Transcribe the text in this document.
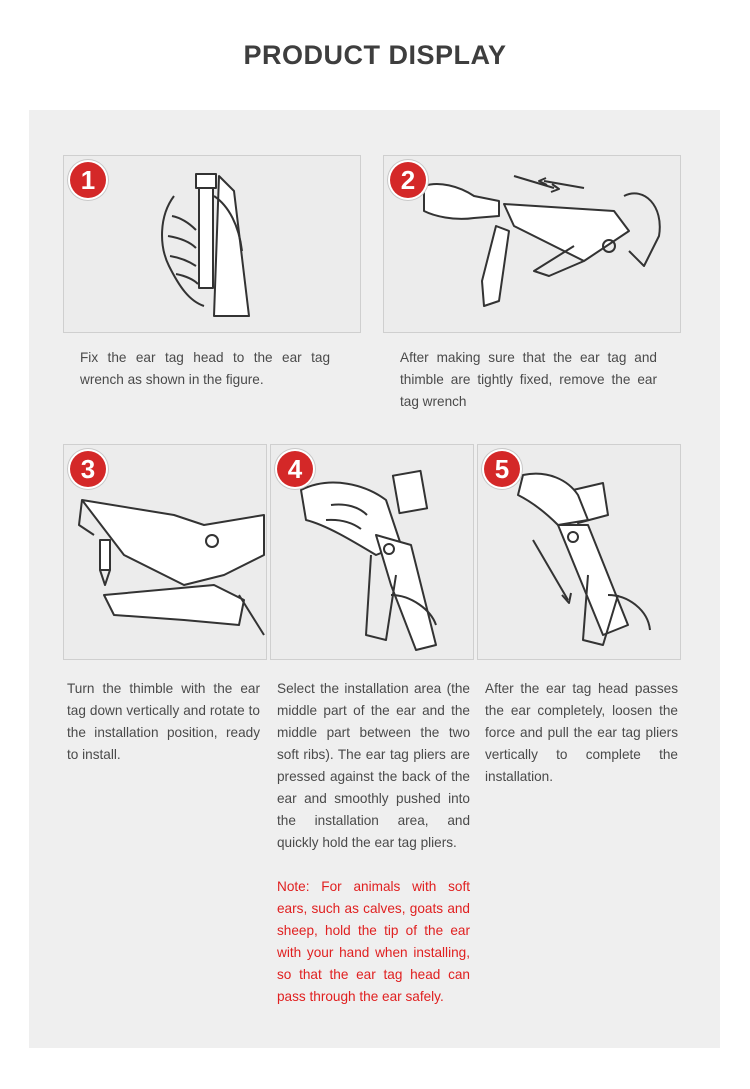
PRODUCT DISPLAY
1
Fix the ear tag head to the ear tag wrench as shown in the figure.
2
After making sure that the ear tag and thimble are tightly fixed, remove the ear tag wrench
3
Turn the thimble with the ear tag down vertically and rotate to the installation position, ready to install.
4
Select the installation area (the middle part of the ear and the middle part between the two soft ribs). The ear tag pliers are pressed against the back of the ear and smoothly pushed into the installation area, and quickly hold the ear tag pliers.
Note: For animals with soft ears, such as calves, goats and sheep, hold the tip of the ear with your hand when installing, so that the ear tag head can pass through the ear safely.
5
After the ear tag head passes the ear completely, loosen the force and pull the ear tag pliers vertically to complete the installation.
